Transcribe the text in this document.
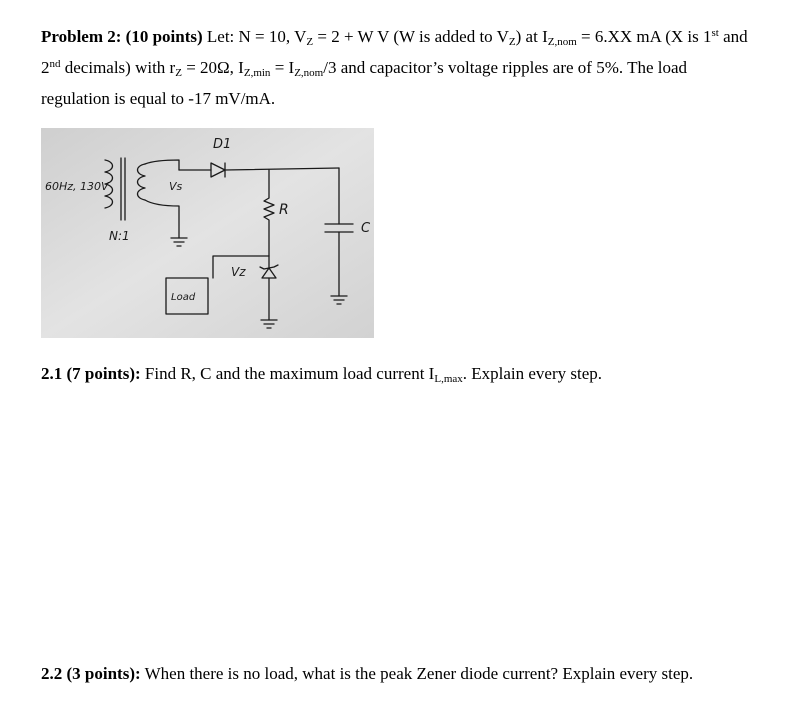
Problem 2: (10 points) Let: N = 10, $V_Z = 2 + W$ V (W is added to $V_Z$) at $I_{Z,nom} = 6.XX$ mA (X is 1st and 2nd decimals) with $r_Z = 20\Omega$, $I_{Z,min} = I_{Z,nom}/3$ and capacitor’s voltage ripples are of 5%. The load regulation is equal to -17 mV/mA.
60Hz, 130V
N:1
Vs
D1
R
C
Load
Vz
2.1 (7 points): Find R, C and the maximum load current $I_{L,max}$. Explain every step.
2.2 (3 points): When there is no load, what is the peak Zener diode current? Explain every step.
